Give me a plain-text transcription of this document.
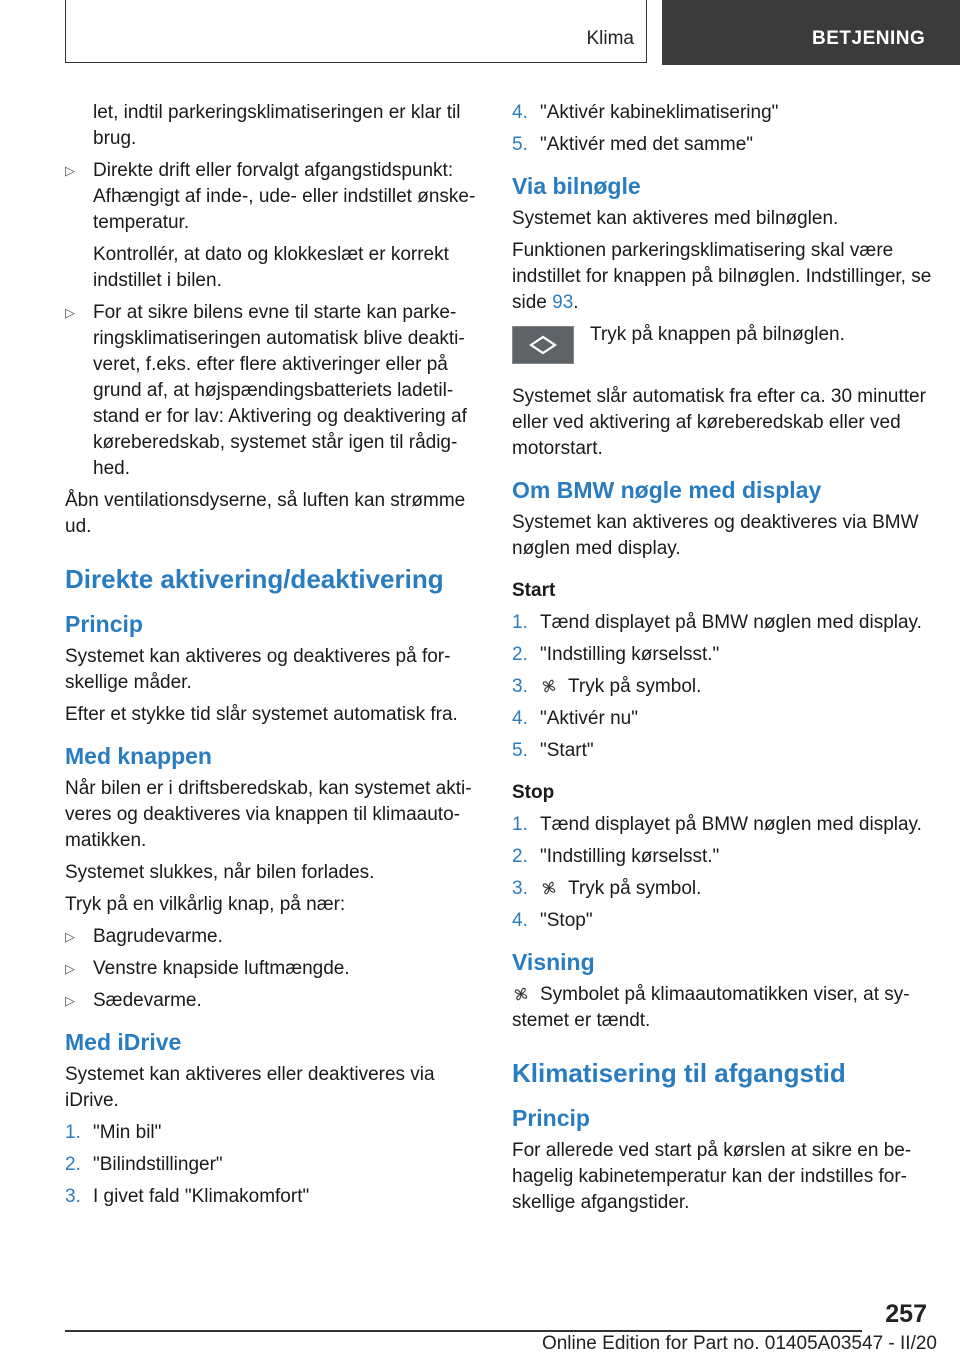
Klima	BETJENING

let, indtil parkeringsklimatiseringen er klar til brug.

▷ Direkte drift eller forvalgt afgangstidspunkt: Afhængigt af inde-, ude- eller indstillet ønsketemperatur.

Kontrollér, at dato og klokkeslæt er korrekt indstillet i bilen.

▷ For at sikre bilens evne til starte kan parkeringsklimatiseringen automatisk blive deaktiveret, f.eks. efter flere aktiveringer eller på grund af, at højspændingsbatteriets ladetilstand er for lav: Aktivering og deaktivering af køreberedskab, systemet står igen til rådighed.

Åbn ventilationsdyserne, så luften kan strømme ud.

Direkte aktivering/deaktivering
Princip

Systemet kan aktiveres og deaktiveres på forskellige måder.

Efter et stykke tid slår systemet automatisk fra.

Med knappen

Når bilen er i driftsberedskab, kan systemet aktiveres og deaktiveres via knappen til klimaautomatikken.

Systemet slukkes, når bilen forlades.

Tryk på en vilkårlig knap, på nær:

▷ Bagrudevarme.
▷ Venstre knapside luftmængde.
▷ Sædevarme.
Med iDrive

Systemet kan aktiveres eller deaktiveres via iDrive.

1. "Min bil"
2. "Bilindstillinger"
3. I givet fald "Klimakomfort"
4. "Aktivér kabineklimatisering"
5. "Aktivér med det samme"
Via bilnøgle

Systemet kan aktiveres med bilnøglen.

Funktionen parkeringsklimatisering skal være indstillet for knappen på bilnøglen. Indstillinger, se side 93.

Tryk på knappen på bilnøglen.

Systemet slår automatisk fra efter ca. 30 minutter eller ved aktivering af køreberedskab eller ved motorstart.

Om BMW nøgle med display

Systemet kan aktiveres og deaktiveres via BMW nøglen med display.

Start
1. Tænd displayet på BMW nøglen med display.
2. "Indstilling kørselsst."
3. Tryk på symbol.
4. "Aktivér nu"
5. "Start"
Stop
1. Tænd displayet på BMW nøglen med display.
2. "Indstilling kørselsst."
3. Tryk på symbol.
4. "Stop"
Visning

Symbolet på klimaautomatikken viser, at systemet er tændt.

Klimatisering til afgangstid
Princip

For allerede ved start på kørslen at sikre en behagelig kabinetemperatur kan der indstilles forskellige afgangstider.

257
Online Edition for Part no. 01405A03547 - II/20
